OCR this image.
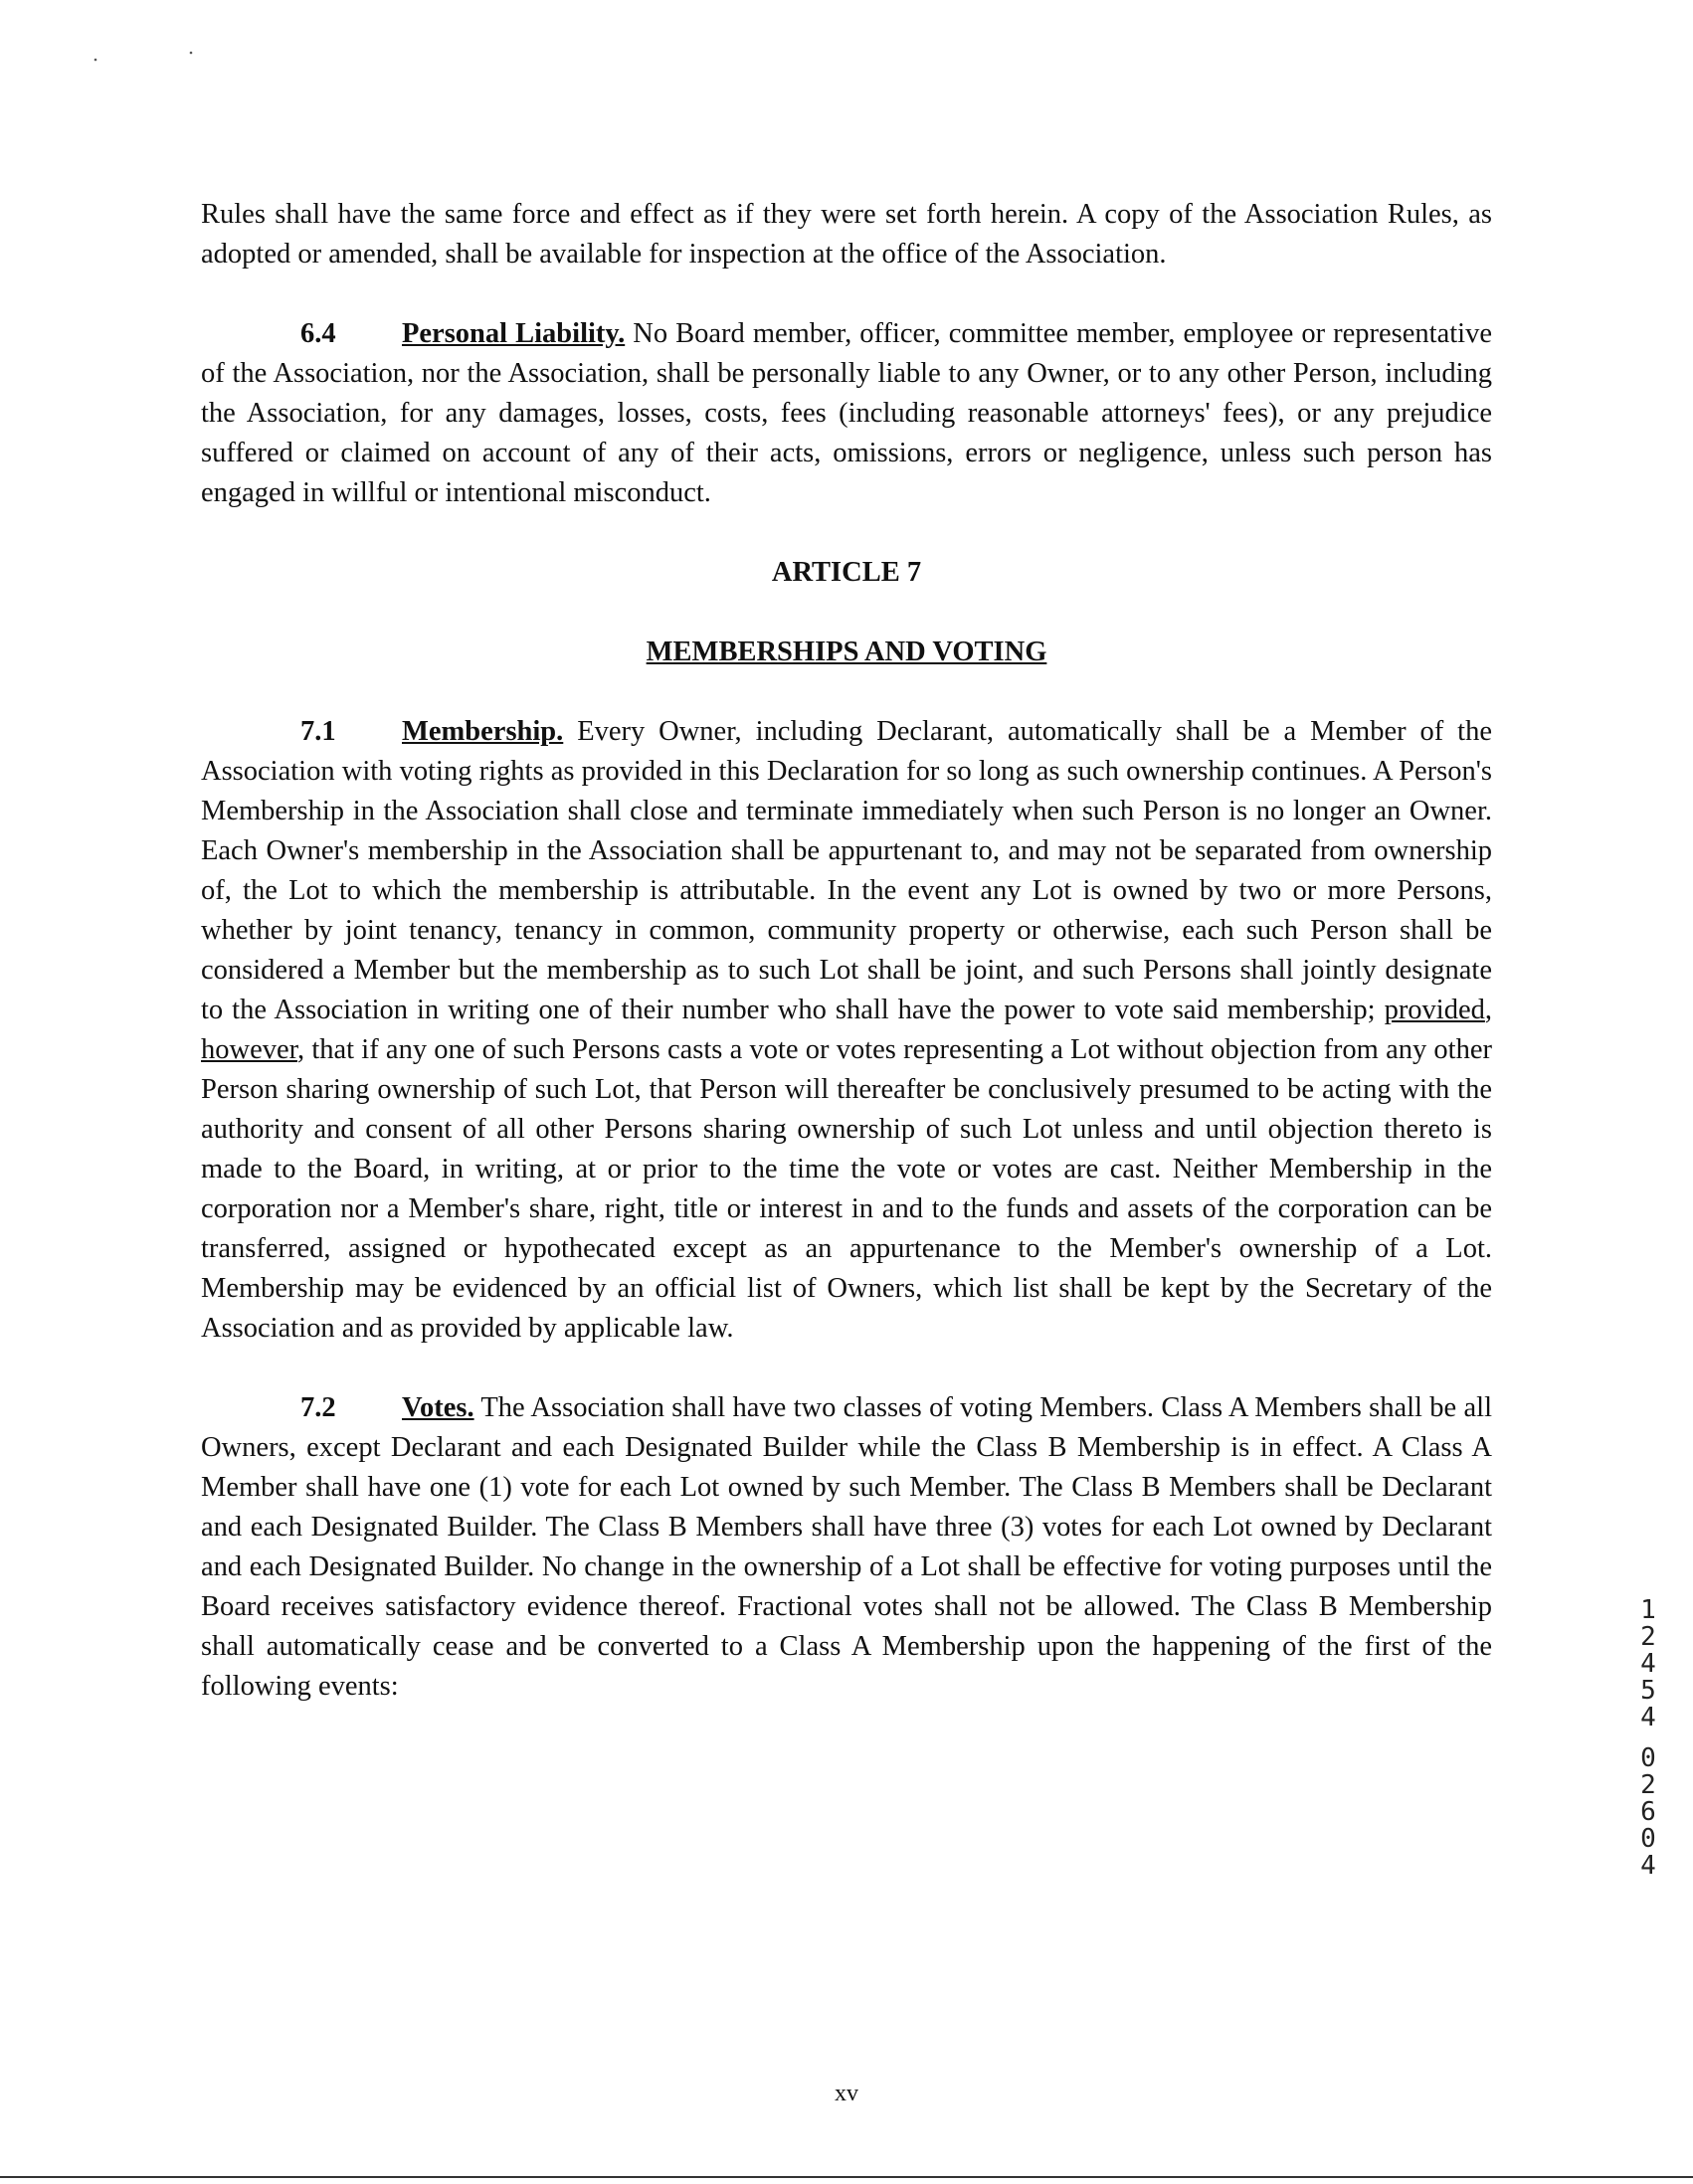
Rules shall have the same force and effect as if they were set forth herein. A copy of the Association Rules, as adopted or amended, shall be available for inspection at the office of the Association.

6.4 Personal Liability. No Board member, officer, committee member, employee or representative of the Association, nor the Association, shall be personally liable to any Owner, or to any other Person, including the Association, for any damages, losses, costs, fees (including reasonable attorneys' fees), or any prejudice suffered or claimed on account of any of their acts, omissions, errors or negligence, unless such person has engaged in willful or intentional misconduct.

ARTICLE 7

MEMBERSHIPS AND VOTING

7.1 Membership. Every Owner, including Declarant, automatically shall be a Member of the Association with voting rights as provided in this Declaration for so long as such ownership continues. A Person's Membership in the Association shall close and terminate immediately when such Person is no longer an Owner. Each Owner's membership in the Association shall be appurtenant to, and may not be separated from ownership of, the Lot to which the membership is attributable. In the event any Lot is owned by two or more Persons, whether by joint tenancy, tenancy in common, community property or otherwise, each such Person shall be considered a Member but the membership as to such Lot shall be joint, and such Persons shall jointly designate to the Association in writing one of their number who shall have the power to vote said membership; provided, however, that if any one of such Persons casts a vote or votes representing a Lot without objection from any other Person sharing ownership of such Lot, that Person will thereafter be conclusively presumed to be acting with the authority and consent of all other Persons sharing ownership of such Lot unless and until objection thereto is made to the Board, in writing, at or prior to the time the vote or votes are cast. Neither Membership in the corporation nor a Member's share, right, title or interest in and to the funds and assets of the corporation can be transferred, assigned or hypothecated except as an appurtenance to the Member's ownership of a Lot. Membership may be evidenced by an official list of Owners, which list shall be kept by the Secretary of the Association and as provided by applicable law.

7.2 Votes. The Association shall have two classes of voting Members. Class A Members shall be all Owners, except Declarant and each Designated Builder while the Class B Membership is in effect. A Class A Member shall have one (1) vote for each Lot owned by such Member. The Class B Members shall be Declarant and each Designated Builder. The Class B Members shall have three (3) votes for each Lot owned by Declarant and each Designated Builder. No change in the ownership of a Lot shall be effective for voting purposes until the Board receives satisfactory evidence thereof. Fractional votes shall not be allowed. The Class B Membership shall automatically cease and be converted to a Class A Membership upon the happening of the first of the following events:

1
2
4
5
4
0
2
6
0
4
xv
